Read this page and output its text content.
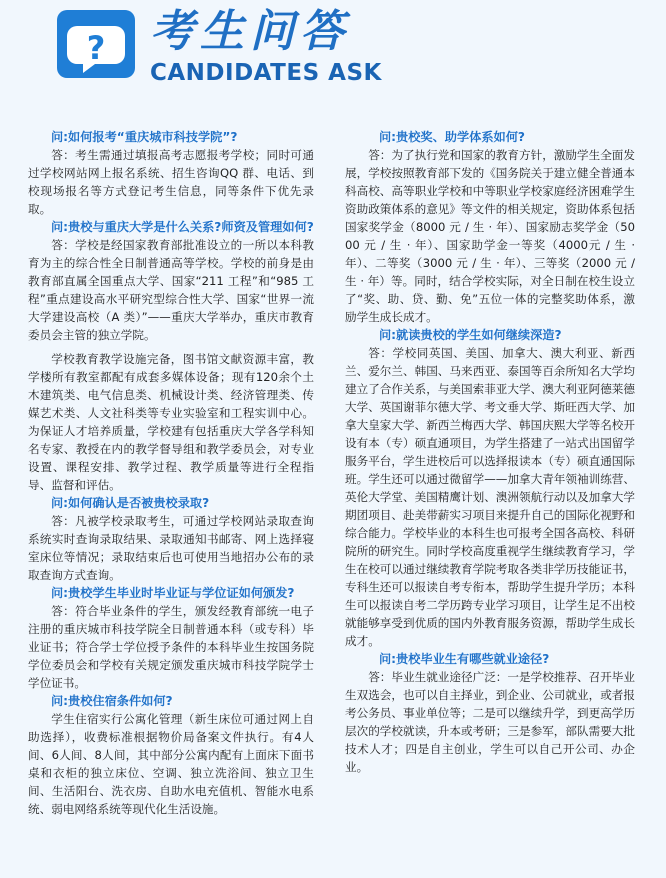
? 考生问答
CANDIDATES ASK

问:如何报考“重庆城市科技学院”?

答：考生需通过填报高考志愿报考学校；同时可通过学校网站网上报名系统、招生咨询QQ 群、电话、到校现场报名等方式登记考生信息，同等条件下优先录取。

问:贵校与重庆大学是什么关系?师资及管理如何?

答：学校是经国家教育部批准设立的一所以本科教育为主的综合性全日制普通高等学校。学校的前身是由教育部直属全国重点大学、国家“211 工程”和“985 工程”重点建设高水平研究型综合性大学、国家“世界一流大学建设高校（A 类）”——重庆大学举办，重庆市教育委员会主管的独立学院。

学校教育教学设施完备，图书馆文献资源丰富，教学楼所有教室都配有成套多媒体设备；现有120余个土木建筑类、电气信息类、机械设计类、经济管理类、传媒艺术类、人文社科类等专业实验室和工程实训中心。为保证人才培养质量，学校建有包括重庆大学各学科知名专家、教授在内的教学督导组和教学委员会，对专业设置、课程安排、教学过程、教学质量等进行全程指导、监督和评估。

问:如何确认是否被贵校录取?

答：凡被学校录取考生，可通过学校网站录取查询系统实时查询录取结果、录取通知书邮寄、网上选择寝室床位等情况；录取结束后也可使用当地招办公布的录取查询方式查询。

问:贵校学生毕业时毕业证与学位证如何颁发?

答：符合毕业条件的学生，颁发经教育部统一电子注册的重庆城市科技学院全日制普通本科（或专科）毕业证书；符合学士学位授予条件的本科毕业生按国务院学位委员会和学校有关规定颁发重庆城市科技学院学士学位证书。

问:贵校住宿条件如何?

学生住宿实行公寓化管理（新生床位可通过网上自助选择），收费标准根据物价局备案文件执行。有4人间、6人间、8人间，其中部分公寓内配有上面床下面书桌和衣柜的独立床位、空调、独立洗浴间、独立卫生间、生活阳台、洗衣房、自助水电充值机、智能水电系统、弱电网络系统等现代化生活设施。

问:贵校奖、助学体系如何?

答：为了执行党和国家的教育方针，激励学生全面发展，学校按照教育部下发的《国务院关于建立健全普通本科高校、高等职业学校和中等职业学校家庭经济困难学生资助政策体系的意见》等文件的相关规定，资助体系包括国家奖学金（8000 元 / 生 · 年）、国家励志奖学金（5000 元 / 生 · 年）、国家助学金一等奖（4000元 / 生 · 年）、二等奖（3000 元 / 生 · 年）、三等奖（2000 元 / 生 · 年）等。同时，结合学校实际，对全日制在校生设立了“奖、助、贷、勤、免”五位一体的完整奖助体系，激励学生成长成才。

问:就读贵校的学生如何继续深造?

答：学校同英国、美国、加拿大、澳大利亚、新西兰、爱尔兰、韩国、马来西亚、泰国等百余所知名大学均建立了合作关系，与美国索菲亚大学、澳大利亚阿德莱德大学、英国谢菲尔德大学、考文垂大学、斯旺西大学、加拿大皇家大学、新西兰梅西大学、韩国庆熙大学等名校开设有本（专）硕直通项目，为学生搭建了一站式出国留学服务平台，学生进校后可以选择报读本（专）硕直通国际班。学生还可以通过微留学——加拿大青年领袖训练营、英伦大学堂、美国精鹰计划、澳洲领航行动以及加拿大学期团项目、赴美带薪实习项目来提升自己的国际化视野和综合能力。学校毕业的本科生也可报考全国各高校、科研院所的研究生。同时学校高度重视学生继续教育学习，学生在校可以通过继续教育学院考取各类非学历技能证书，专科生还可以报读自考专衔本，帮助学生提升学历；本科生可以报读自考二学历跨专业学习项目，让学生足不出校就能够享受到优质的国内外教育服务资源，帮助学生成长成才。

问:贵校毕业生有哪些就业途径?

答：毕业生就业途径广泛：一是学校推荐、召开毕业生双选会，也可以自主择业，到企业、公司就业，或者报考公务员、事业单位等；二是可以继续升学，到更高学历层次的学校就读，升本或考研；三是参军，部队需要大批技术人才；四是自主创业，学生可以自己开公司、办企业。
